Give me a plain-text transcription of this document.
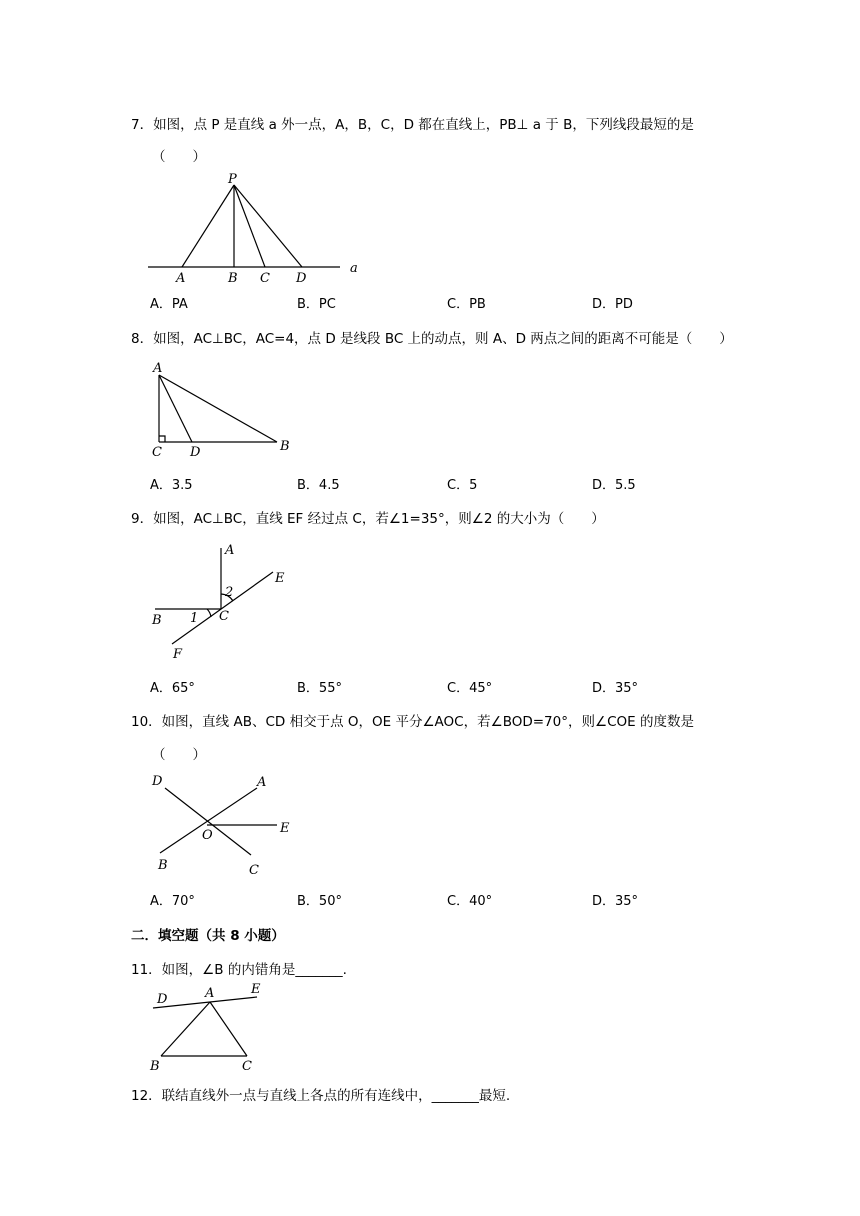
7．如图，点 P 是直线 a 外一点，A，B，C，D 都在直线上，PB⊥ a 于 B，下列线段最短的是
（　　）
P
A	B C D
a
A．PA	B．PC	C．PB	D．PD
8．如图，AC⊥BC，AC=4，点 D 是线段 BC 上的动点，则 A、D 两点之间的距离不可能是（　　）
A
C D	B
A．3.5	B．4.5	C．5	D．5.5
9．如图，AC⊥BC，直线 EF 经过点 C，若∠1=35°，则∠2 的大小为（　　）
A
E
2
B 1 C
F
A．65°	B．55°	C．45°	D．35°
10．如图，直线 AB、CD 相交于点 O，OE 平分∠AOC，若∠BOD=70°，则∠COE 的度数是
（　　）
D	A
E
O
B	C
A．70°	B．50°	C．40°	D．35°
二．填空题（共 8 小题）
11．如图，∠B 的内错角是_______.
D	A	E
B	C
12．联结直线外一点与直线上各点的所有连线中，_______最短.
